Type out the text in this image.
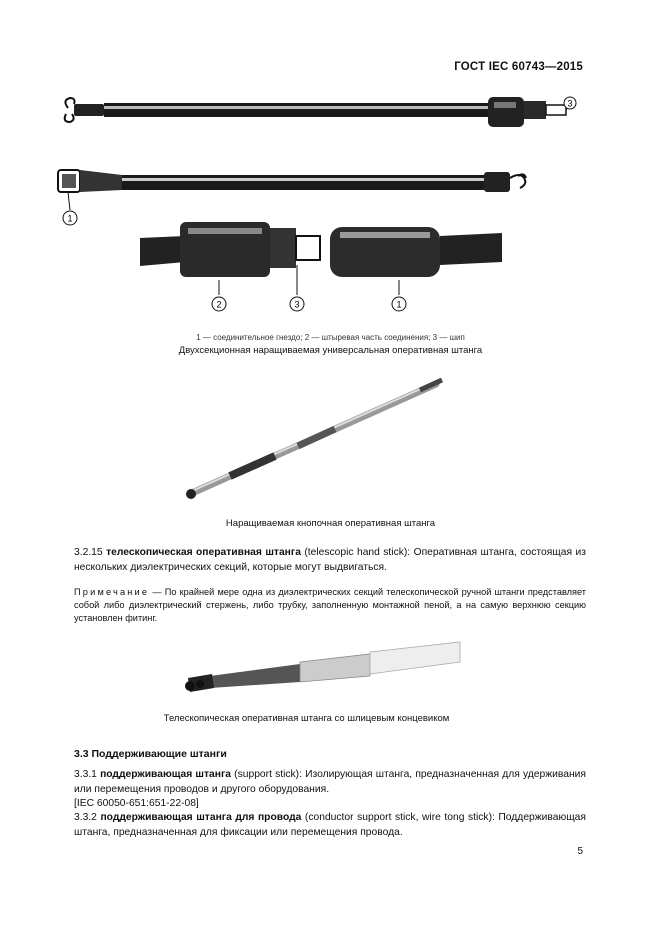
ГОСТ IEC 60743—2015
3
1
2	3	1
1 — соединительное гнездо; 2 — штыревая часть соединения; 3 — шип
Двухсекционная наращиваемая универсальная оперативная штанга
Наращиваемая кнопочная оперативная штанга
3.2.15 телескопическая оперативная штанга (telescopic hand stick): Оперативная штанга, состоящая из нескольких диэлектрических секций, которые могут выдвигаться.
Примечание — По крайней мере одна из диэлектрических секций телескопической ручной штанги представляет собой либо диэлектрический стержень, либо трубку, заполненную монтажной пеной, а на самую верхнюю секцию установлен фитинг.
Телескопическая оперативная штанга со шлицевым концевиком
3.3 Поддерживающие штанги
3.3.1 поддерживающая штанга (support stick): Изолирующая штанга, предназначенная для удерживания или перемещения проводов и другого оборудования.
[IEC 60050-651:651-22-08]
3.3.2 поддерживающая штанга для провода (conductor support stick, wire tong stick): Поддерживающая штанга, предназначенная для фиксации или перемещения провода.
5
